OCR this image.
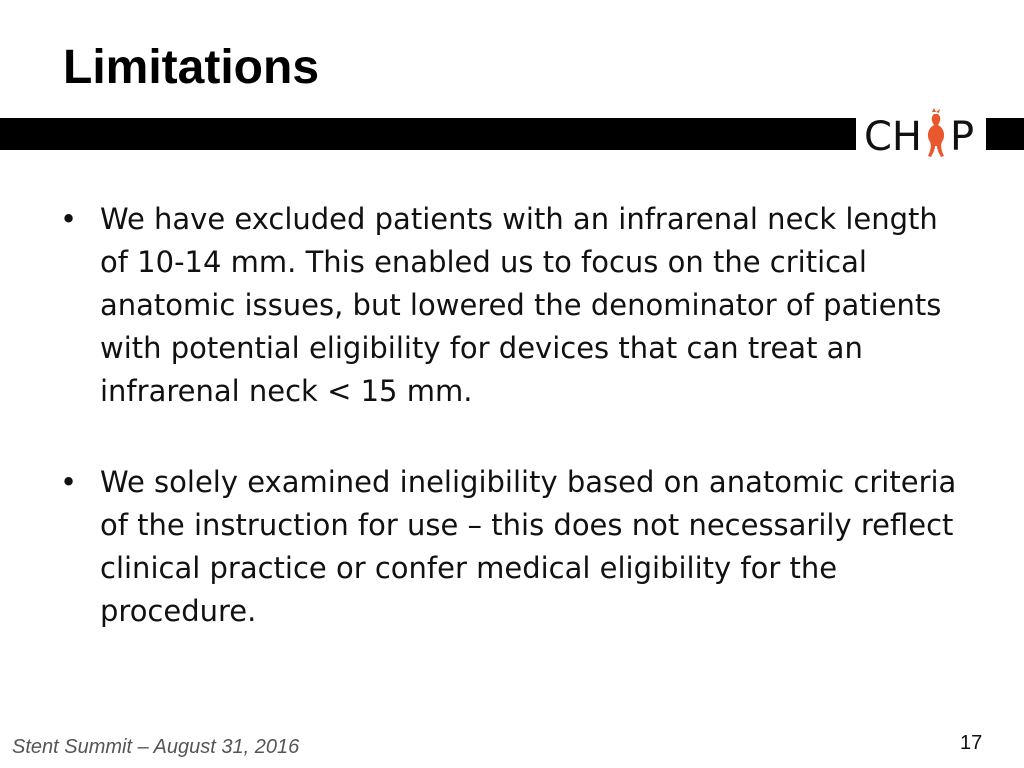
Limitations
CH P
• We have excluded patients with an infrarenal neck length of 10-14 mm. This enabled us to focus on the critical anatomic issues, but lowered the denominator of patients with potential eligibility for devices that can treat an infrarenal neck < 15 mm.
• We solely examined ineligibility based on anatomic criteria of the instruction for use – this does not necessarily reflect clinical practice or confer medical eligibility for the procedure.
Stent Summit – August 31, 2016	17
